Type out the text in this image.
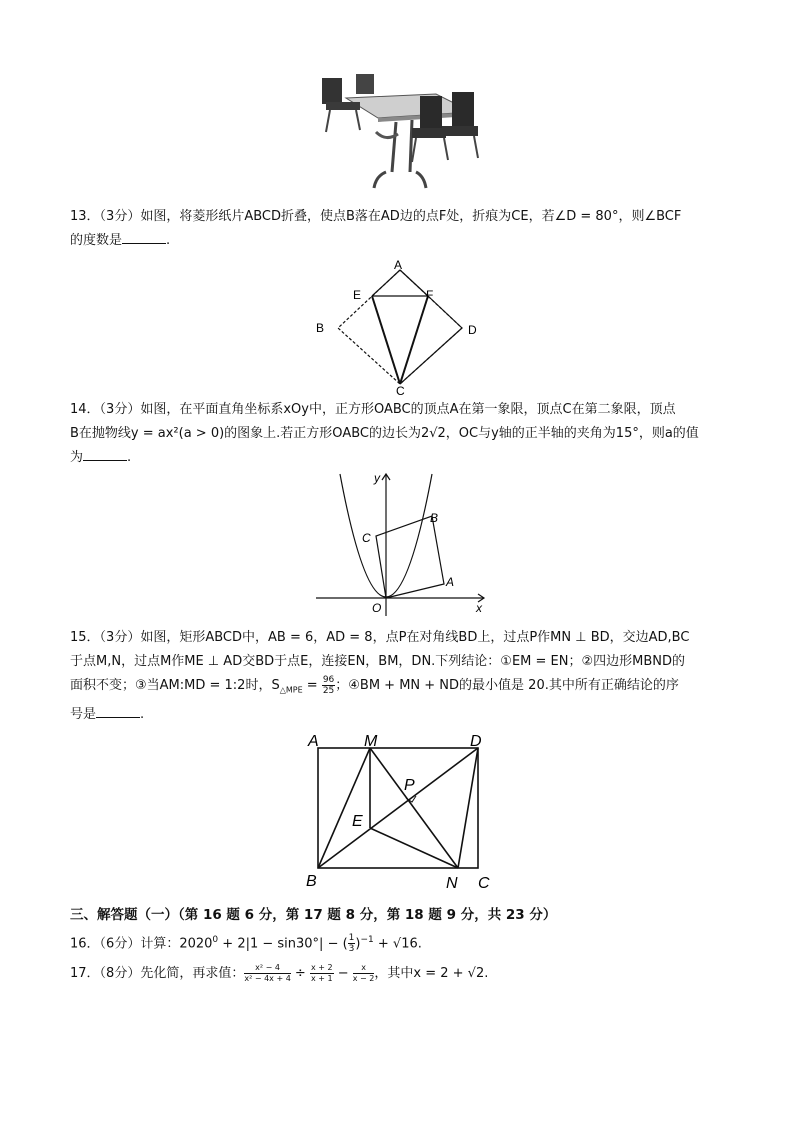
13．（3分）如图，将菱形纸片ABCD折叠，使点B落在AD边的点F处，折痕为CE，若∠D = 80°，则∠BCF
的度数是	.
A
E	F
B	D
C
14．（3分）如图，在平面直角坐标系xOy中，正方形OABC的顶点A在第一象限，顶点C在第二象限，顶点
B在抛物线y = ax²(a > 0)的图象上.若正方形OABC的边长为2√2，OC与y轴的正半轴的夹角为15°，则a的值
为	.
y
x
O
A
B
C
15．（3分）如图，矩形ABCD中，AB = 6，AD = 8，点P在对角线BD上，过点P作MN ⊥ BD，交边AD,BC
于点M,N，过点M作ME ⊥ AD交BD于点E，连接EN，BM，DN.下列结论：①EM = EN；②四边形MBND的
面积不变；③当AM:MD = 1:2时，$S_{\triangle MPE} = \frac{96}{25}$ ；④BM + MN + ND的最小值是 20.其中所有正确结论的序
号是	.
A	M	D
P
E
B	N C
三、解答题（一）（第 16 题 6 分，第 17 题 8 分，第 18 题 9 分，共 23 分）
16．（6分）计算：$2020^0 + 2|1 - \sin 30^\circ|$ − ( $\frac{1}{3} )^{-1} + √16$.
17．（8分）先化简，再求值： $\frac{\text{x² − 4}}{\text{x² − 4x + 4}} \div \frac{x + 2}{x + 1} - \frac{x}{x - 2}$ ，其中x = 2 + √2.
